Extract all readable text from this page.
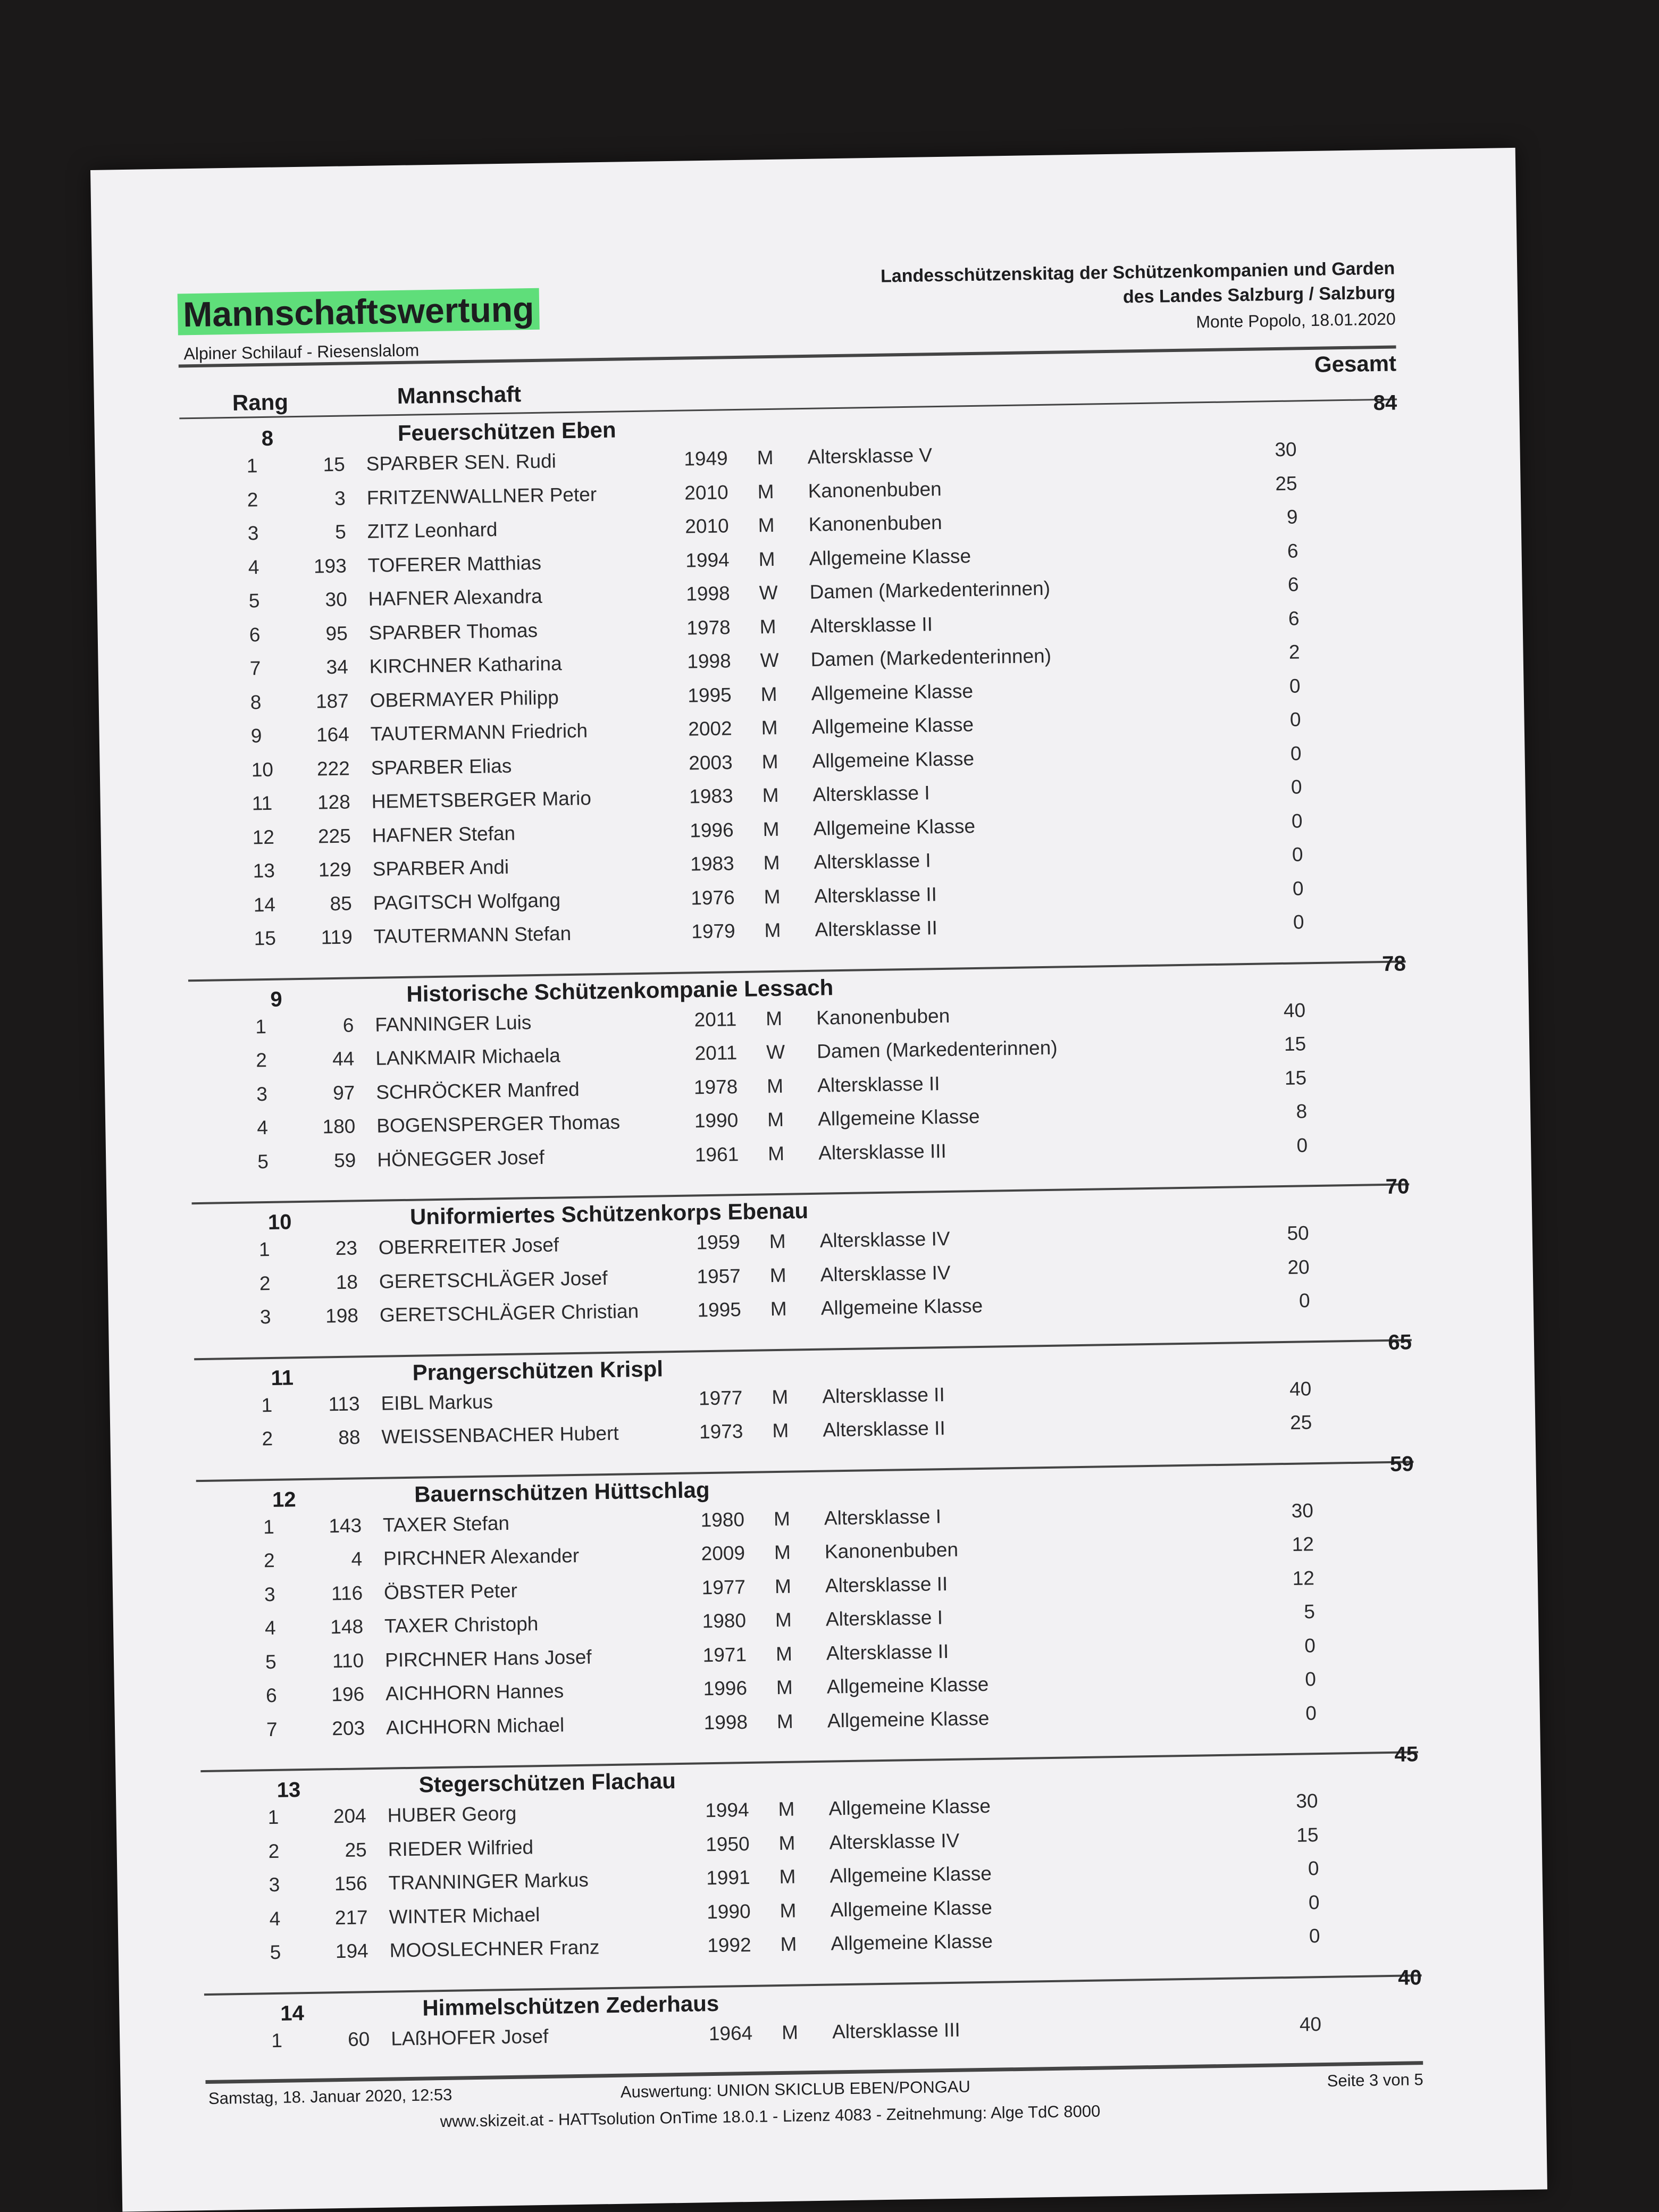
Mannschaftswertung
Alpiner Schilauf - Riesenslalom
Landesschützenskitag der Schützenkompanien und Garden
des Landes Salzburg / Salzburg
Monte Popolo, 18.01.2020
Gesamt
Rang	Mannschaft	84
8	Feuerschützen Eben
1	15 SPARBER SEN. Rudi	1949 M Altersklasse V	30
2	3 FRITZENWALLNER Peter	2010 M Kanonenbuben	25
3	5 ZITZ Leonhard	2010 M Kanonenbuben	9
4	193 TOFERER Matthias	1994 M Allgemeine Klasse	6
5	30 HAFNER Alexandra	1998 W Damen (Markedenterinnen)	6
6	95 SPARBER Thomas	1978 M Altersklasse II	6
7	34 KIRCHNER Katharina	1998 W Damen (Markedenterinnen)	2
8	187 OBERMAYER Philipp	1995 M Allgemeine Klasse	0
9	164 TAUTERMANN Friedrich	2002 M Allgemeine Klasse	0
10	222 SPARBER Elias	2003 M Allgemeine Klasse	0
11	128 HEMETSBERGER Mario	1983 M Altersklasse I	0
12	225 HAFNER Stefan	1996 M Allgemeine Klasse	0
13	129 SPARBER Andi	1983 M Altersklasse I	0
14	85 PAGITSCH Wolfgang	1976 M Altersklasse II	0
15	119 TAUTERMANN Stefan	1979 M Altersklasse II	0
78
9	Historische Schützenkompanie Lessach
1	6 FANNINGER Luis	2011 M Kanonenbuben	40
2	44 LANKMAIR Michaela	2011 W Damen (Markedenterinnen)	15
3	97 SCHRÖCKER Manfred	1978 M Altersklasse II	15
4	180 BOGENSPERGER Thomas	1990 M Allgemeine Klasse	8
5	59 HÖNEGGER Josef	1961 M Altersklasse III	0
70
10	Uniformiertes Schützenkorps Ebenau
1	23 OBERREITER Josef	1959 M Altersklasse IV	50
2	18 GERETSCHLÄGER Josef	1957 M Altersklasse IV	20
3	198 GERETSCHLÄGER Christian	1995 M Allgemeine Klasse	0
65
11	Prangerschützen Krispl
1	113 EIBL Markus	1977 M Altersklasse II	40
2	88 WEISSENBACHER Hubert	1973 M Altersklasse II	25
59
12	Bauernschützen Hüttschlag
1	143 TAXER Stefan	1980 M Altersklasse I	30
2	4 PIRCHNER Alexander	2009 M Kanonenbuben	12
3	116 ÖBSTER Peter	1977 M Altersklasse II	12
4	148 TAXER Christoph	1980 M Altersklasse I	5
5	110 PIRCHNER Hans Josef	1971 M Altersklasse II	0
6	196 AICHHORN Hannes	1996 M Allgemeine Klasse	0
7	203 AICHHORN Michael	1998 M Allgemeine Klasse	0
45
13	Stegerschützen Flachau
1	204 HUBER Georg	1994 M Allgemeine Klasse	30
2	25 RIEDER Wilfried	1950 M Altersklasse IV	15
3	156 TRANNINGER Markus	1991 M Allgemeine Klasse	0
4	217 WINTER Michael	1990 M Allgemeine Klasse	0
5	194 MOOSLECHNER Franz	1992 M Allgemeine Klasse	0
40
14	Himmelschützen Zederhaus
1	60 LAßHOFER Josef	1964 M Altersklasse III	40
Samstag, 18. Januar 2020, 12:53	Auswertung: UNION SKICLUB EBEN/PONGAU	Seite 3 von 5
www.skizeit.at - HATTsolution OnTime 18.0.1 - Lizenz 4083 - Zeitnehmung: Alge TdC 8000
